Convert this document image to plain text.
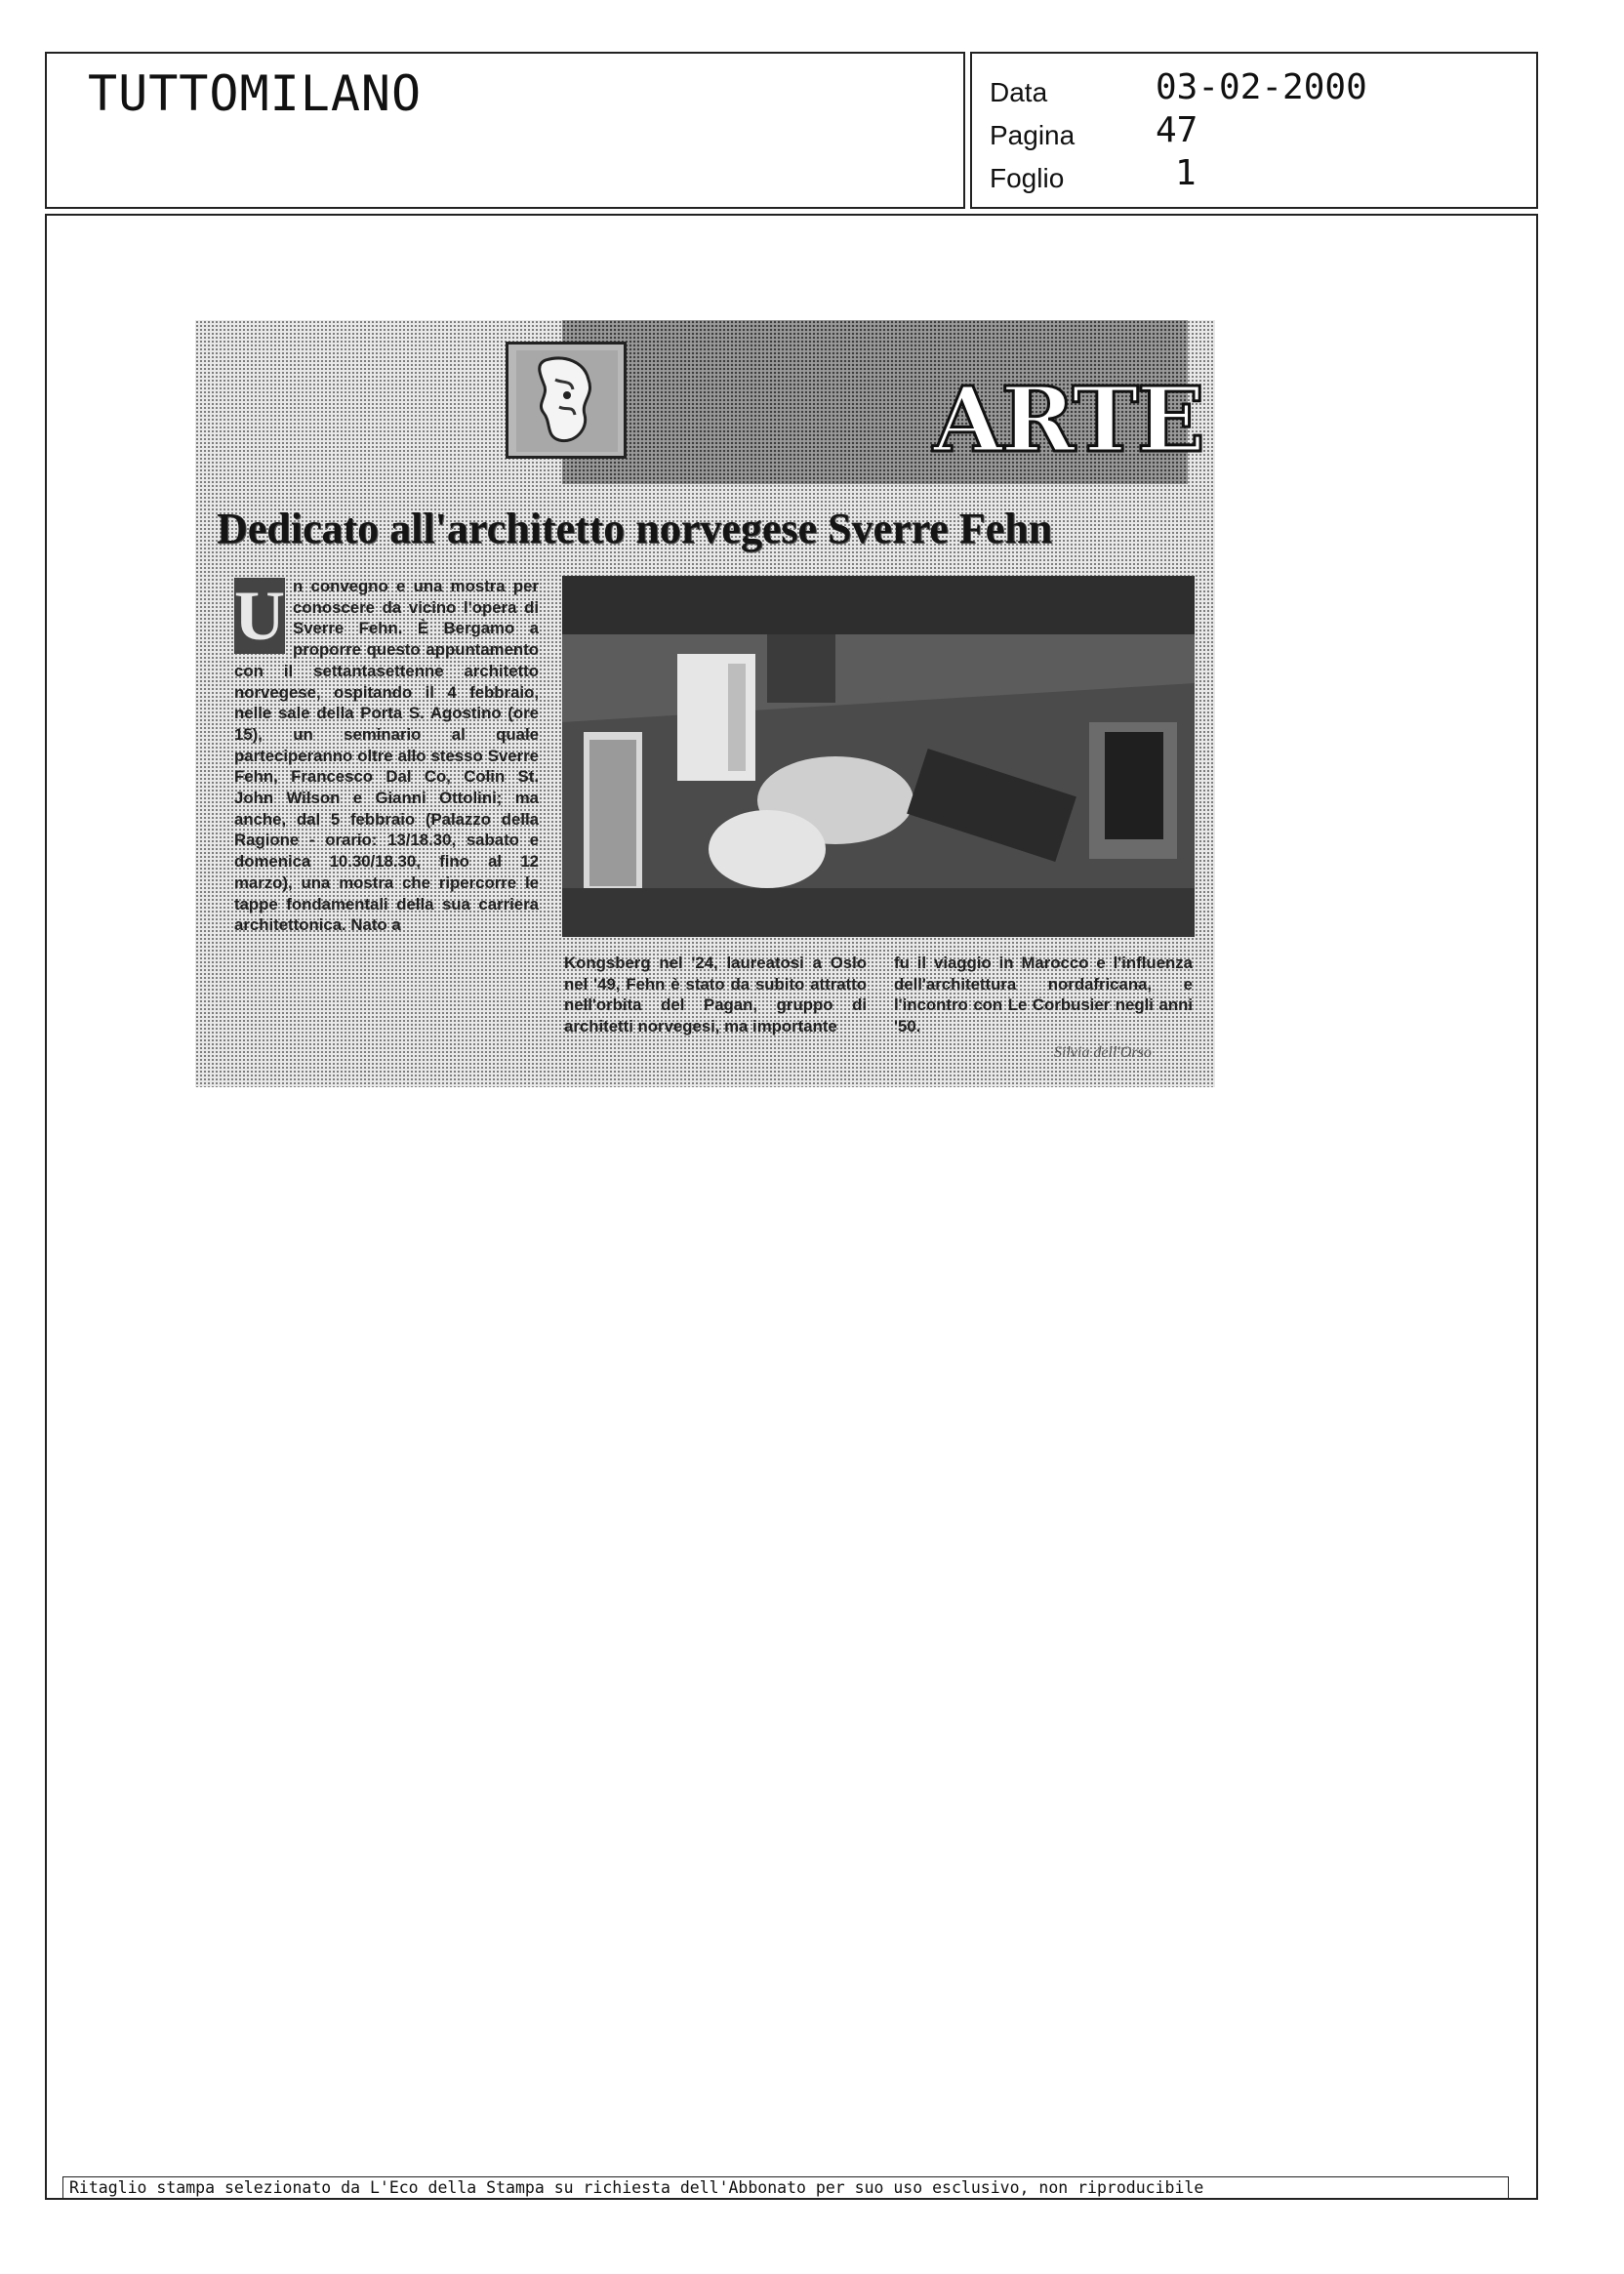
TUTTOMILANO	Data	03-02-2000
Pagina 47
Foglio	1
ARTE
Dedicato all'architetto norvegese Sverre Fehn
U n convegno e una mostra per conoscere da vicino l'opera di Sverre Fehn. È Bergamo a proporre questo appuntamento con il settantasettenne architetto norvegese, ospitando il 4 febbraio, nelle sale della Porta S. Agostino (ore 15), un seminario al quale parteciperanno oltre allo stesso Sverre Fehn, Francesco Dal Co, Colin St. John Wilson e Gianni Ottolini; ma anche, dal 5 febbraio (Palazzo della Ragione - orario: 13/18.30, sabato e domenica 10.30/18.30, fino al 12 marzo), una mostra che ripercorre le tappe fondamentali della sua carriera architettonica. Nato a
Kongsberg nel '24, laureatosi a Oslo nel '49, Fehn è stato da subito attratto nell'orbita del Pagan, gruppo di architetti norvegesi, ma importante
fu il viaggio in Marocco e l'influenza dell'architettura nordafricana, e l'incontro con Le Corbusier negli anni '50.
Silvia dell'Orso
Ritaglio stampa selezionato da L'Eco della Stampa su richiesta dell'Abbonato per suo uso esclusivo, non riproducibile
